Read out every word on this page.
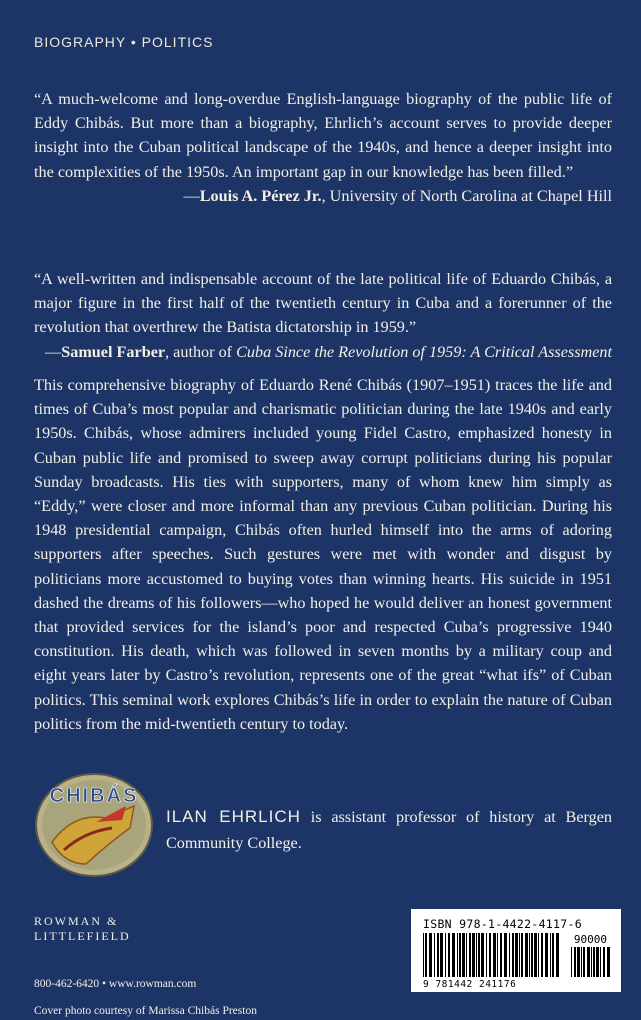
BIOGRAPHY • POLITICS
“A much-welcome and long-overdue English-language biography of the public life of Eddy Chibás. But more than a biography, Ehrlich’s account serves to provide deeper insight into the Cuban political landscape of the 1940s, and hence a deeper insight into the complexities of the 1950s. An important gap in our knowledge has been filled.”
—Louis A. Pérez Jr., University of North Carolina at Chapel Hill
“A well-written and indispensable account of the late political life of Eduardo Chibás, a major figure in the first half of the twentieth century in Cuba and a forerunner of the revolution that overthrew the Batista dictatorship in 1959.”
—Samuel Farber, author of Cuba Since the Revolution of 1959: A Critical Assessment
This comprehensive biography of Eduardo René Chibás (1907–1951) traces the life and times of Cuba’s most popular and charismatic politician during the late 1940s and early 1950s. Chibás, whose admirers included young Fidel Castro, emphasized honesty in Cuban public life and promised to sweep away corrupt politicians during his popular Sunday broadcasts. His ties with supporters, many of whom knew him simply as “Eddy,” were closer and more informal than any previous Cuban politician. During his 1948 presidential campaign, Chibás often hurled himself into the arms of adoring supporters after speeches. Such gestures were met with wonder and disgust by politicians more accustomed to buying votes than winning hearts. His suicide in 1951 dashed the dreams of his followers—who hoped he would deliver an honest government that provided services for the island’s poor and respected Cuba’s progressive 1940 constitution. His death, which was followed in seven months by a military coup and eight years later by Castro’s revolution, represents one of the great “what ifs” of Cuban politics. This seminal work explores Chibás’s life in order to explain the nature of Cuban politics from the mid-twentieth century to today.
CHIBÁS
ILAN EHRLICH is assistant professor of history at Bergen Community College.
ROWMAN &
LITTLEFIELD
800-462-6420 • www.rowman.com
Cover photo courtesy of Marissa Chibás Preston
ISBN 978-1-4422-4117-6
90000
9 781442 241176
